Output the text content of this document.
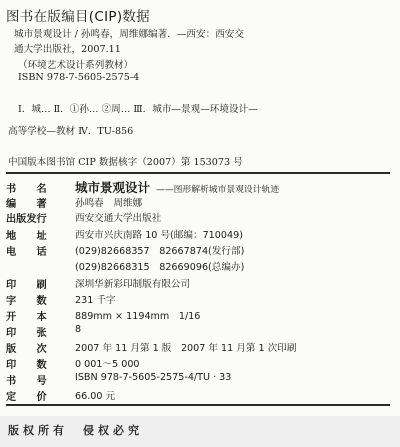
图书在版编目(CIP)数据
城市景观设计 / 孙鸣春，周维娜编著．—西安：西安交
通大学出版社，2007.11
（环境艺术设计系列教材）
ISBN 978-7-5605-2575-4
Ⅰ．城… Ⅱ．①孙… ②周… Ⅲ．城市—景观—环境设计—
高等学校—教材 Ⅳ．TU-856
中国版本图书馆 CIP 数据核字（2007）第 153073 号
书　　名 城市景观设计 ——图形解析城市景观设计轨迹
编　　著	孙鸣春　周维娜
出版发行	西安交通大学出版社
地　　址	西安市兴庆南路 10 号(邮编：710049)
电　　话	(029)82668357　82667874(发行部)
(029)82668315　82669096(总编办)
印　　刷	深圳华新彩印制版有限公司
字　　数	231 千字
开　　本	889mm × 1194mm　1/16
印　　张	8
版　　次	2007 年 11 月第 1 版　2007 年 11 月第 1 次印刷
印　　数	0 001～5 000
书　　号	ISBN 978-7-5605-2575-4/TU · 33
定　　价	66.00 元
版权所有　侵权必究
